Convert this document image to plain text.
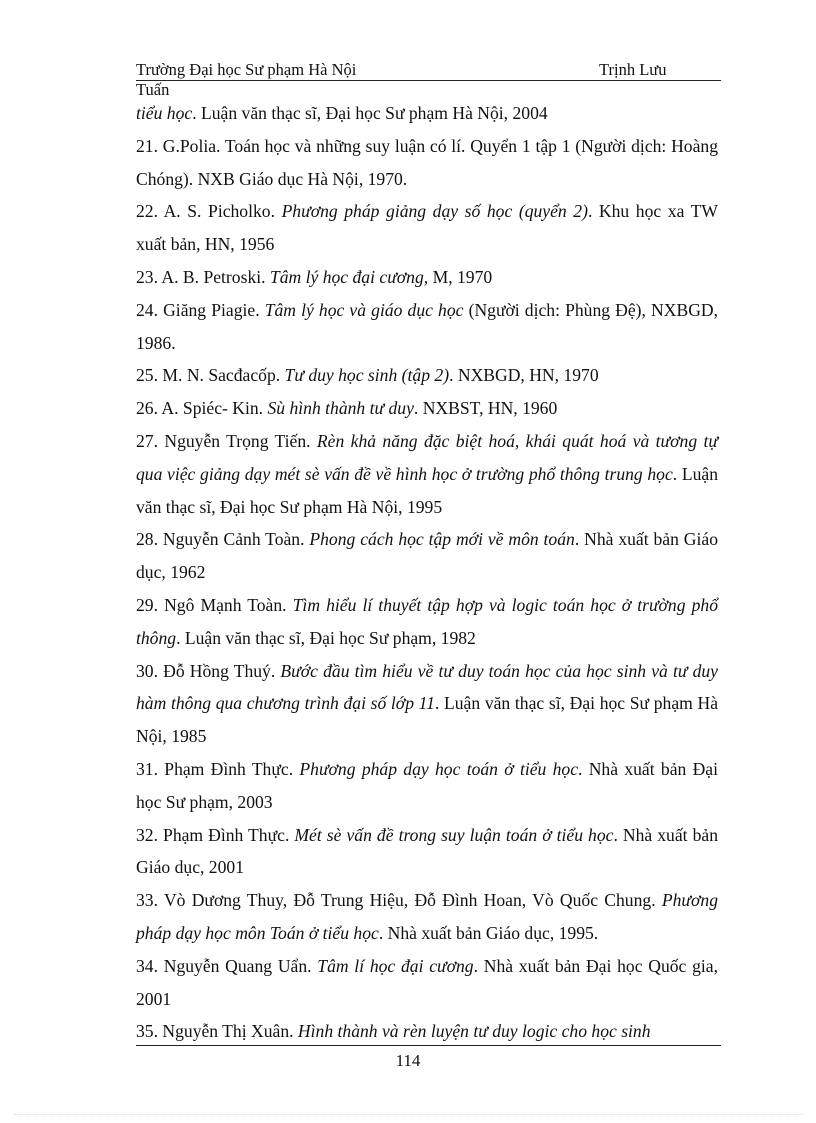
Trường Đại học Sư phạm Hà Nội	Trịnh Lưu
Tuấn
tiểu học. Luận văn thạc sĩ, Đại học Sư phạm Hà Nội, 2004
21. G.Polia. Toán học và những suy luận có lí. Quyển 1 tập 1 (Người dịch: Hoàng Chóng). NXB Giáo dục Hà Nội, 1970.
22. A. S. Picholko. Phương pháp giảng dạy số học (quyển 2). Khu học xa TW xuất bản, HN, 1956
23. A. B. Petroski. Tâm lý học đại cương, M, 1970
24. Giăng Piagie. Tâm lý học và giáo dục học (Người dịch: Phùng Đệ), NXBGD, 1986.
25. M. N. Sacđacốp. Tư duy học sinh (tập 2). NXBGD, HN, 1970
26. A. Spiéc- Kin. Sù hình thành tư duy. NXBST, HN, 1960
27. Nguyễn Trọng Tiến. Rèn khả năng đặc biệt hoá, khái quát hoá và tương tự qua việc giảng dạy mét sè vấn đề về hình học ở trường phổ thông trung học. Luận văn thạc sĩ, Đại học Sư phạm Hà Nội, 1995
28. Nguyễn Cảnh Toàn. Phong cách học tập mới về môn toán. Nhà xuất bản Giáo dục, 1962
29. Ngô Mạnh Toàn. Tìm hiểu lí thuyết tập hợp và logic toán học ở trường phổ thông. Luận văn thạc sĩ, Đại học Sư phạm, 1982
30. Đỗ Hồng Thuý. Bước đầu tìm hiểu về tư duy toán học của học sinh và tư duy hàm thông qua chương trình đại số lớp 11. Luận văn thạc sĩ, Đại học Sư phạm Hà Nội, 1985
31. Phạm Đình Thực. Phương pháp dạy học toán ở tiểu học. Nhà xuất bản Đại học Sư phạm, 2003
32. Phạm Đình Thực. Mét sè vấn đề trong suy luận toán ở tiểu học. Nhà xuất bản Giáo dục, 2001
33. Vò Dương Thuy, Đỗ Trung Hiệu, Đỗ Đình Hoan, Vò Quốc Chung. Phương pháp dạy học môn Toán ở tiểu học. Nhà xuất bản Giáo dục, 1995.
34. Nguyễn Quang Uẩn. Tâm lí học đại cương. Nhà xuất bản Đại học Quốc gia, 2001
35. Nguyễn Thị Xuân. Hình thành và rèn luyện tư duy logic cho học sinh
114
